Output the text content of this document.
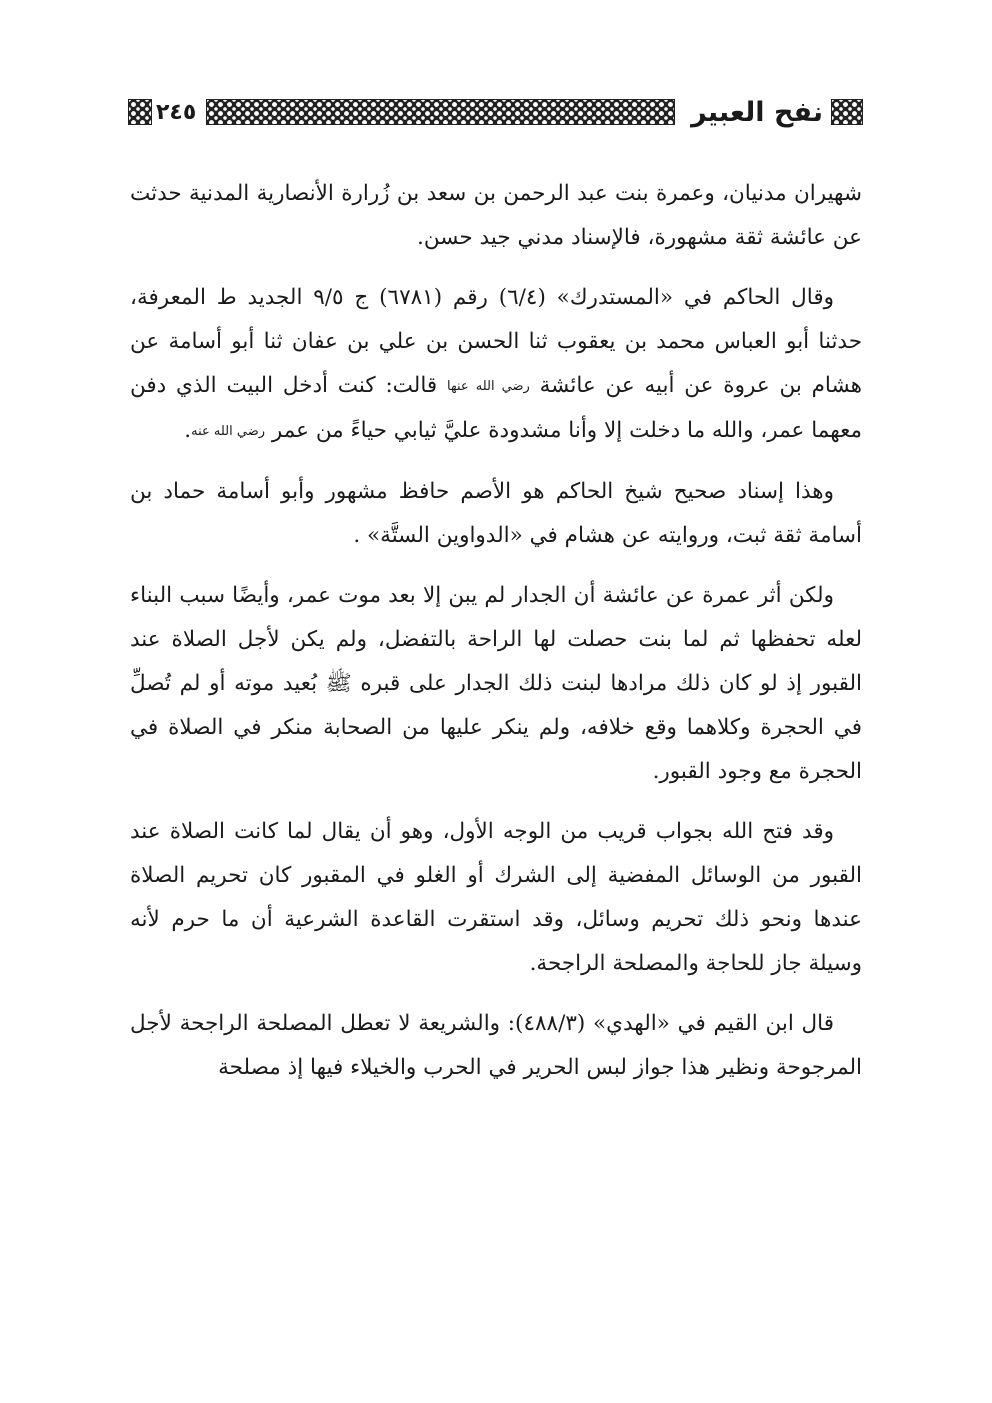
نفح العبير
٢٤٥

شهيران مدنيان، وعمرة بنت عبد الرحمن بن سعد بن زُرارة الأنصارية المدنية حدثت عن عائشة ثقة مشهورة، فالإسناد مدني جيد حسن.

وقال الحاكم في «المستدرك» (٦/٤) رقم (٦٧٨١) ج ٩/٥ الجديد ط المعرفة، حدثنا أبو العباس محمد بن يعقوب ثنا الحسن بن علي بن عفان ثنا أبو أسامة عن هشام بن عروة عن أبيه عن عائشة رضي الله عنها قالت: كنت أدخل البيت الذي دفن معهما عمر، والله ما دخلت إلا وأنا مشدودة عليَّ ثيابي حياءً من عمر رضي الله عنه.

وهذا إسناد صحيح شيخ الحاكم هو الأصم حافظ مشهور وأبو أسامة حماد بن أسامة ثقة ثبت، وروايته عن هشام في «الدواوين الستَّة» .

ولكن أثر عمرة عن عائشة أن الجدار لم يبن إلا بعد موت عمر، وأيضًا سبب البناء لعله تحفظها ثم لما بنت حصلت لها الراحة بالتفضل، ولم يكن لأجل الصلاة عند القبور إذ لو كان ذلك مرادها لبنت ذلك الجدار على قبره ﷺ بُعيد موته أو لم تُصلِّ في الحجرة وكلاهما وقع خلافه، ولم ينكر عليها من الصحابة منكر في الصلاة في الحجرة مع وجود القبور.

وقد فتح الله بجواب قريب من الوجه الأول، وهو أن يقال لما كانت الصلاة عند القبور من الوسائل المفضية إلى الشرك أو الغلو في المقبور كان تحريم الصلاة عندها ونحو ذلك تحريم وسائل، وقد استقرت القاعدة الشرعية أن ما حرم لأنه وسيلة جاز للحاجة والمصلحة الراجحة.

قال ابن القيم في «الهدي» (٤٨٨/٣): والشريعة لا تعطل المصلحة الراجحة لأجل المرجوحة ونظير هذا جواز لبس الحرير في الحرب والخيلاء فيها إذ مصلحة
